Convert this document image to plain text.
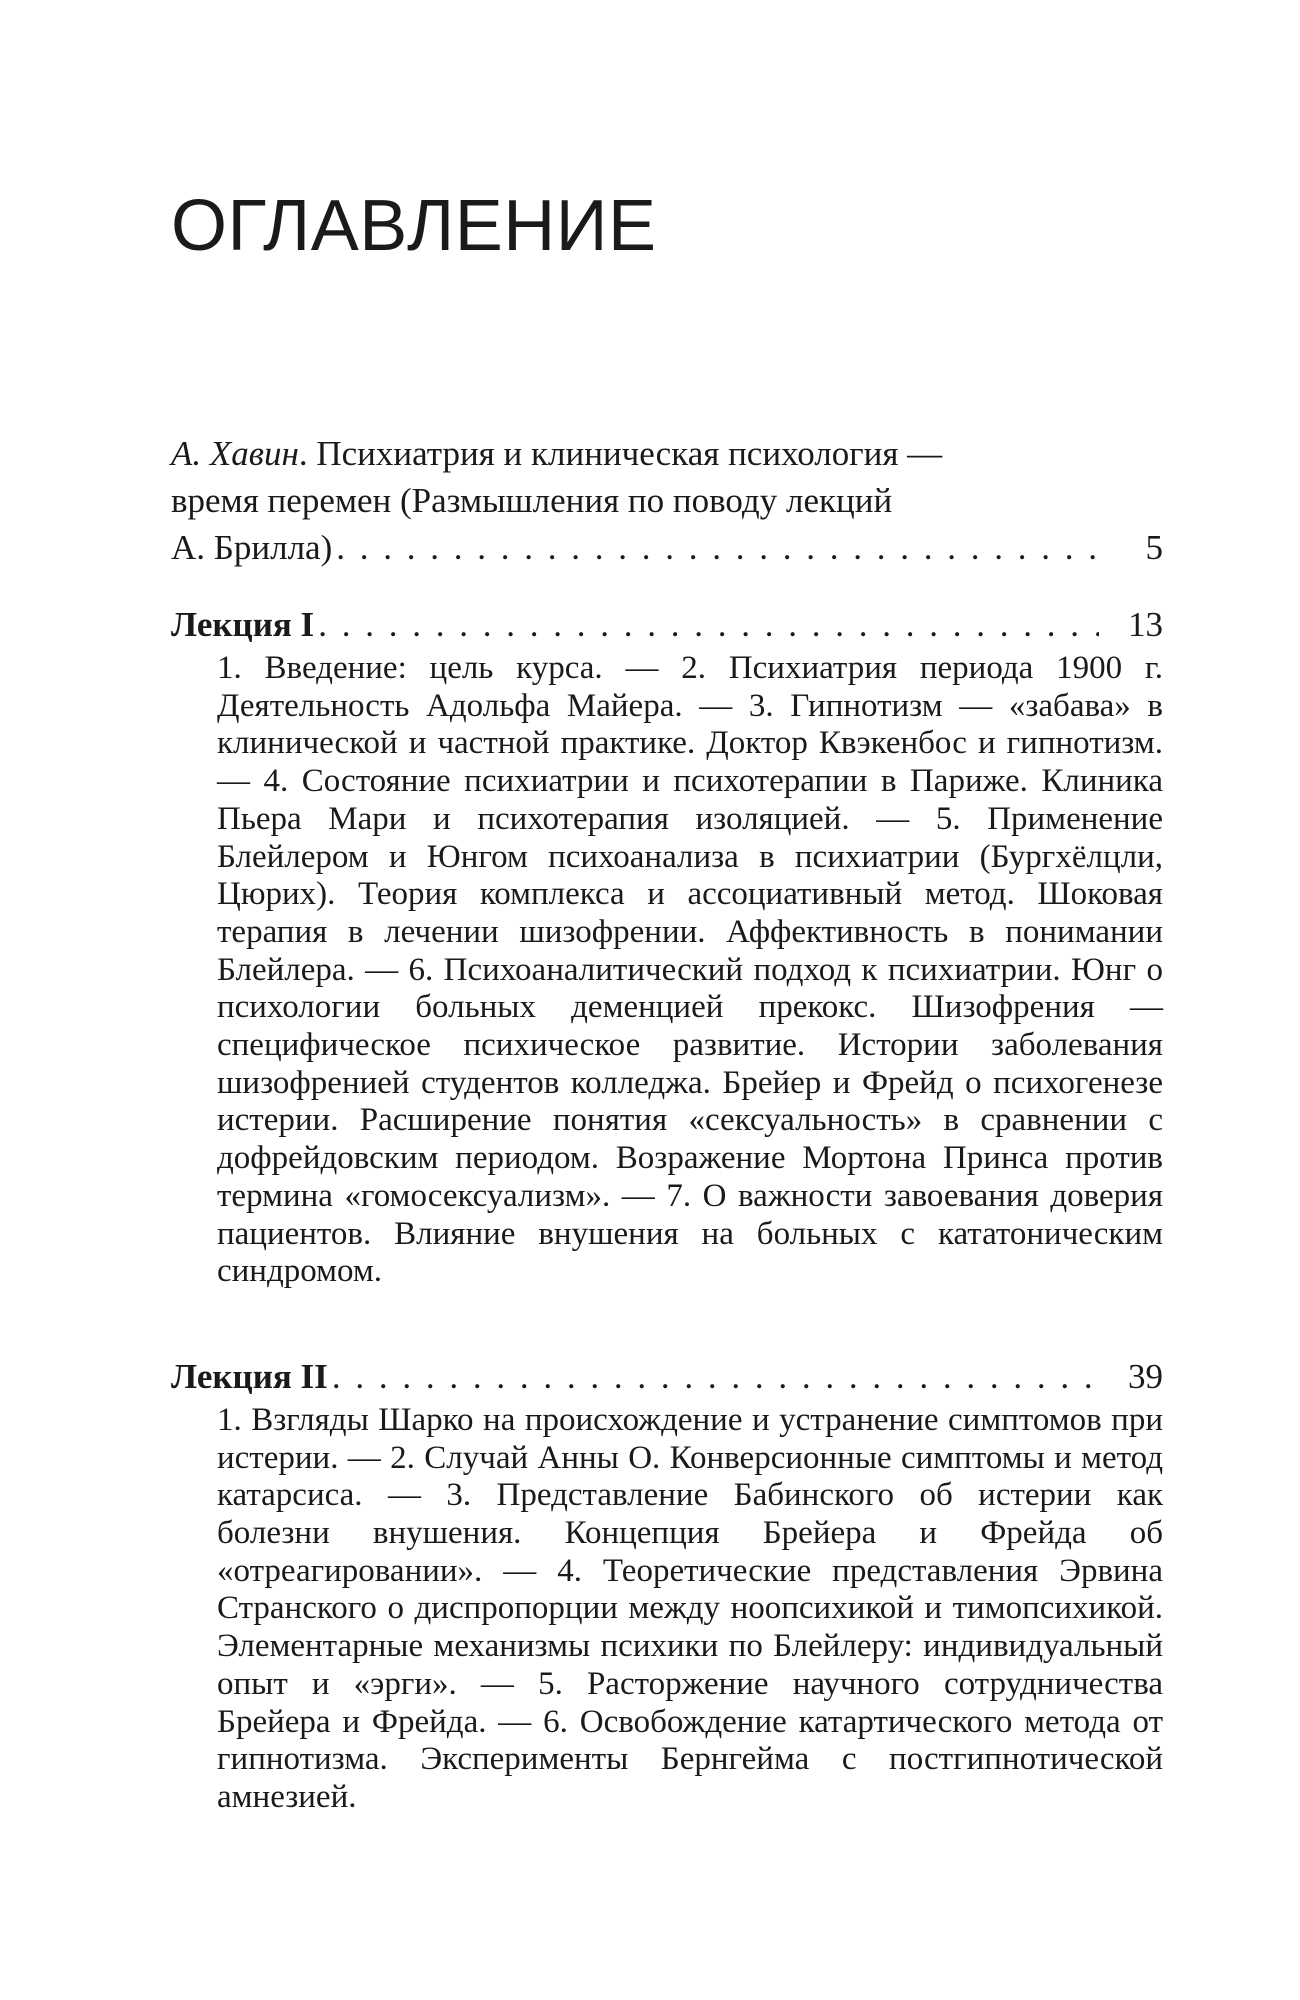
ОГЛАВЛЕНИЕ
А. Хавин. Психиатрия и клиническая психология —
время перемен (Размышления по поводу лекций
А. Брилла) . . .	5
Лекция I . . .	13
1. Введение: цель курса. — 2. Психиатрия периода 1900 г. Деятельность Адольфа Майера. — 3. Гипнотизм — «забава» в клинической и частной практике. Доктор Квэкенбос и гипнотизм. — 4. Состояние психиатрии и психотерапии в Париже. Клиника Пьера Мари и психотерапия изоляцией. — 5. Применение Блейлером и Юнгом психоанализа в психиатрии (Бургхёлцли, Цюрих). Теория комплекса и ассоциативный метод. Шоковая терапия в лечении шизофрении. Аффективность в понимании Блейлера. — 6. Психоаналитический подход к психиатрии. Юнг о психологии больных деменцией прекокс. Шизофрения — специфическое психическое развитие. Истории заболевания шизофренией студентов колледжа. Брейер и Фрейд о психогенезе истерии. Расширение понятия «сексуальность» в сравнении с дофрейдовским периодом. Возражение Мортона Принса против термина «гомосексуализм». — 7. О важности завоевания доверия пациентов. Влияние внушения на больных с кататоническим синдромом.
Лекция II . . .	39
1. Взгляды Шарко на происхождение и устранение симптомов при истерии. — 2. Случай Анны О. Конверсионные симптомы и метод катарсиса. — 3. Представление Бабинского об истерии как болезни внушения. Концепция Брейера и Фрейда об «отреагировании». — 4. Теоретические представления Эрвина Странского о диспропорции между ноопсихикой и тимопсихикой. Элементарные механизмы психики по Блейлеру: индивидуальный опыт и «эрги». — 5. Расторжение научного сотрудничества Брейера и Фрейда. — 6. Освобождение катартического метода от гипнотизма. Эксперименты Бернгейма с постгипнотической амнезией.
